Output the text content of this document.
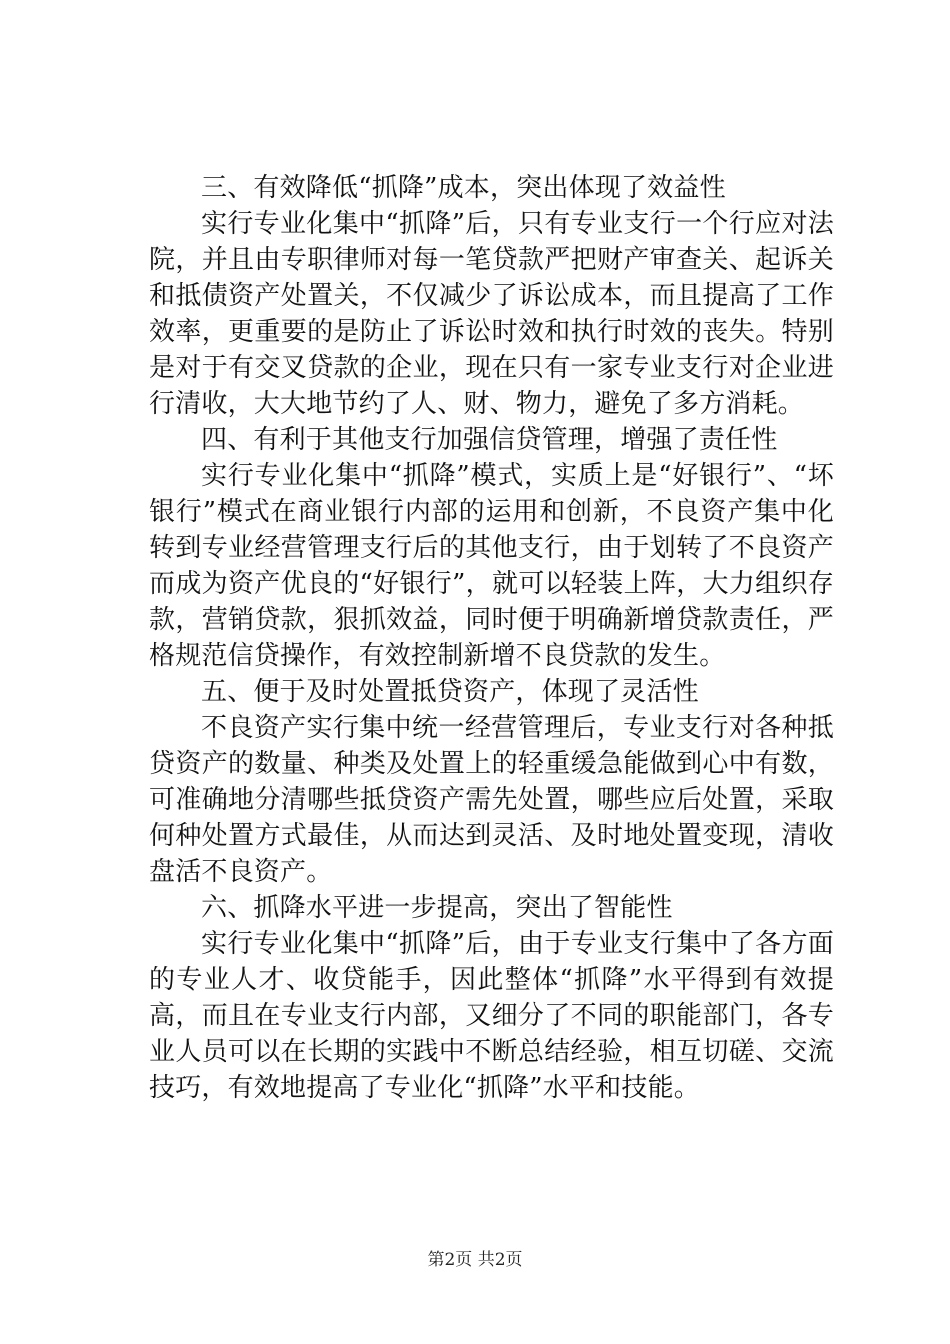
三、有效降低“抓降”成本，突出体现了效益性

实行专业化集中“抓降”后，只有专业支行一个行应对法院，并且由专职律师对每一笔贷款严把财产审查关、起诉关和抵债资产处置关，不仅减少了诉讼成本，而且提高了工作效率，更重要的是防止了诉讼时效和执行时效的丧失。特别是对于有交叉贷款的企业，现在只有一家专业支行对企业进行清收，大大地节约了人、财、物力，避免了多方消耗。

四、有利于其他支行加强信贷管理，增强了责任性

实行专业化集中“抓降”模式，实质上是“好银行”、“坏银行”模式在商业银行内部的运用和创新，不良资产集中化转到专业经营管理支行后的其他支行，由于划转了不良资产而成为资产优良的“好银行”，就可以轻装上阵，大力组织存款，营销贷款，狠抓效益，同时便于明确新增贷款责任，严格规范信贷操作，有效控制新增不良贷款的发生。

五、便于及时处置抵贷资产，体现了灵活性

不良资产实行集中统一经营管理后，专业支行对各种抵贷资产的数量、种类及处置上的轻重缓急能做到心中有数，可准确地分清哪些抵贷资产需先处置，哪些应后处置，采取何种处置方式最佳，从而达到灵活、及时地处置变现，清收盘活不良资产。

六、抓降水平进一步提高，突出了智能性

实行专业化集中“抓降”后，由于专业支行集中了各方面的专业人才、收贷能手，因此整体“抓降”水平得到有效提高，而且在专业支行内部，又细分了不同的职能部门，各专业人员可以在长期的实践中不断总结经验，相互切磋、交流技巧，有效地提高了专业化“抓降”水平和技能。

第2页 共2页
